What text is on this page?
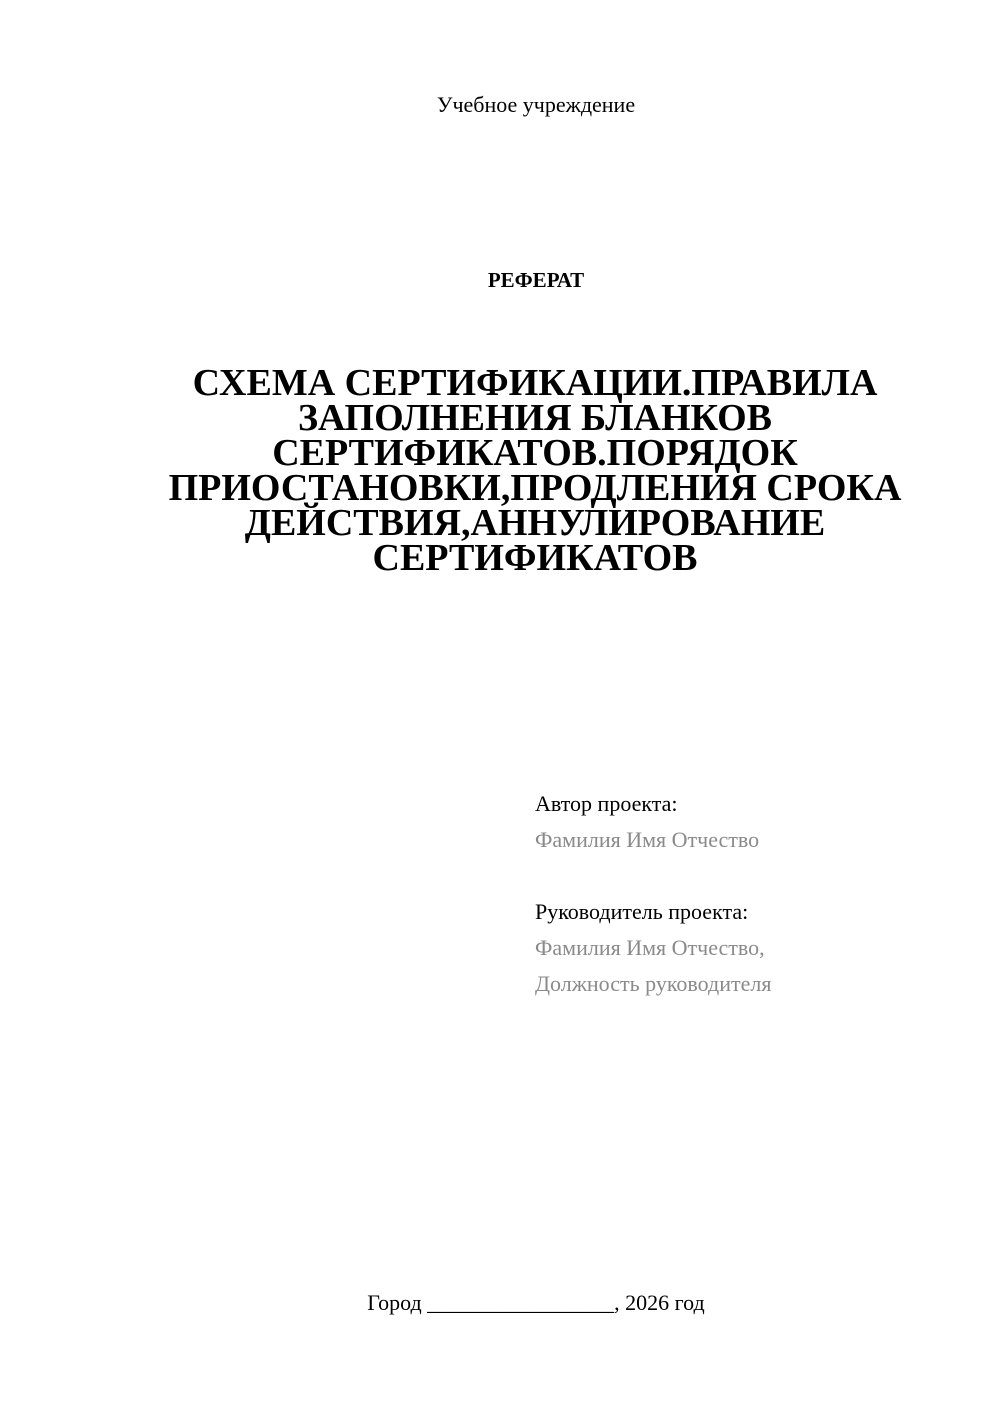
Учебное учреждение
РЕФЕРАТ
СХЕМА СЕРТИФИКАЦИИ.ПРАВИЛА
ЗАПОЛНЕНИЯ БЛАНКОВ
СЕРТИФИКАТОВ.ПОРЯДОК
ПРИОСТАНОВКИ,ПРОДЛЕНИЯ СРОКА
ДЕЙСТВИЯ,АННУЛИРОВАНИЕ
СЕРТИФИКАТОВ
Автор проекта:
Фамилия Имя Отчество
Руководитель проекта:
Фамилия Имя Отчество,
Должность руководителя
Город _________________, 2026 год
